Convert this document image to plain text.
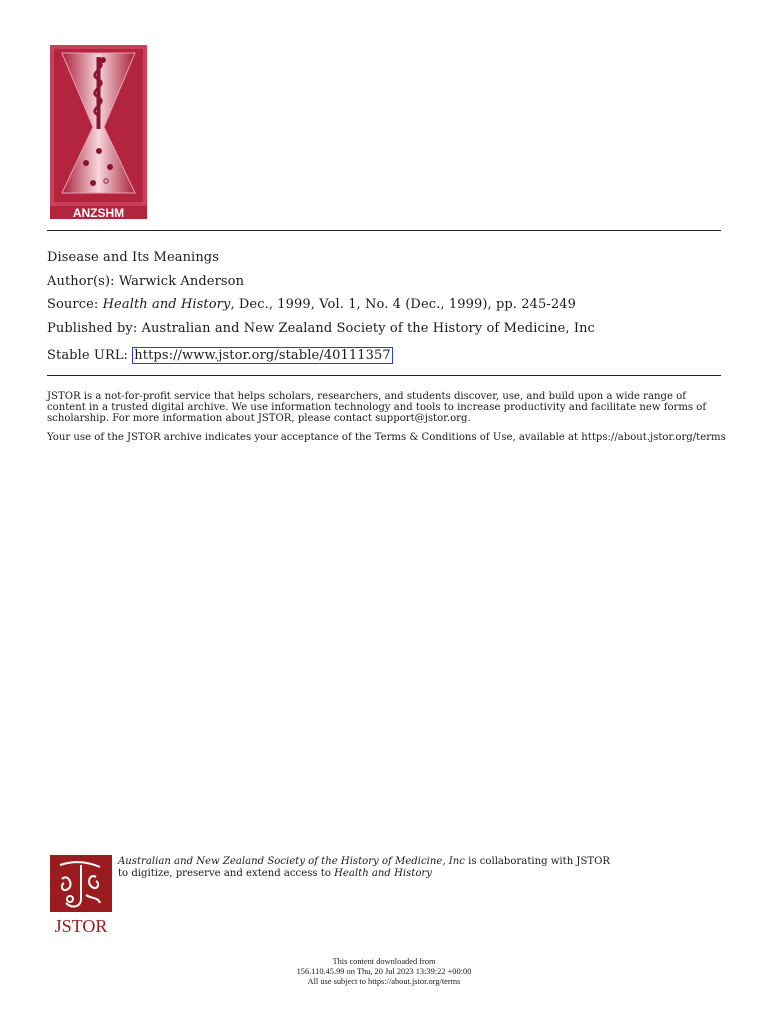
ANZSHM
Disease and Its Meanings
Author(s): Warwick Anderson
Source: Health and History, Dec., 1999, Vol. 1, No. 4 (Dec., 1999), pp. 245-249
Published by: Australian and New Zealand Society of the History of Medicine, Inc
Stable URL: https://www.jstor.org/stable/40111357

JSTOR is a not-for-profit service that helps scholars, researchers, and students discover, use, and build upon a wide range of content in a trusted digital archive. We use information technology and tools to increase productivity and facilitate new forms of scholarship. For more information about JSTOR, please contact support@jstor.org.

Your use of the JSTOR archive indicates your acceptance of the Terms & Conditions of Use, available at https://about.jstor.org/terms

JSTOR
Australian and New Zealand Society of the History of Medicine, Inc is collaborating with JSTOR
to digitize, preserve and extend access to Health and History
This content downloaded from
156.110.45.99 on Thu, 20 Jul 2023 13:39:22 +00:00
All use subject to https://about.jstor.org/terms
